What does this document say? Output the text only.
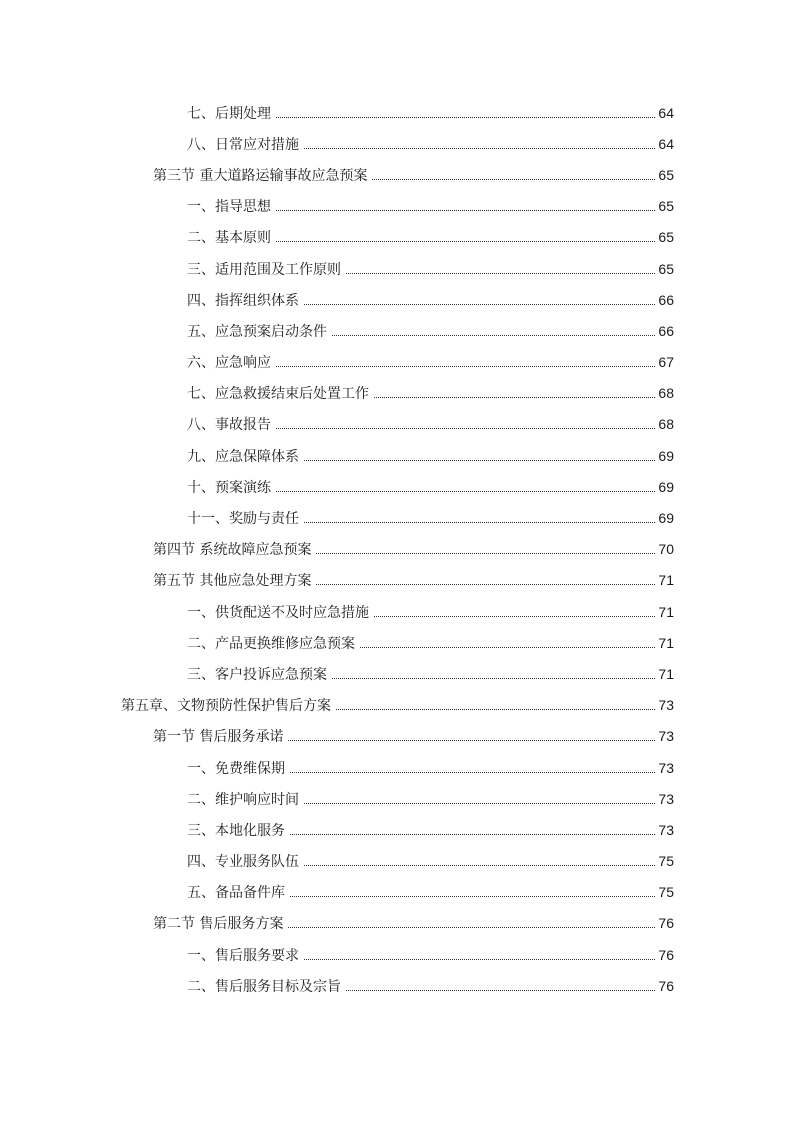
七、后期处理	64
八、日常应对措施	64
第三节 重大道路运输事故应急预案	65
一、指导思想	65
二、基本原则	65
三、适用范围及工作原则	65
四、指挥组织体系	66
五、应急预案启动条件	66
六、应急响应	67
七、应急救援结束后处置工作	68
八、事故报告	68
九、应急保障体系	69
十、预案演练	69
十一、奖励与责任	69
第四节 系统故障应急预案	70
第五节 其他应急处理方案	71
一、供货配送不及时应急措施	71
二、产品更换维修应急预案	71
三、客户投诉应急预案	71
第五章、文物预防性保护售后方案	73
第一节 售后服务承诺	73
一、免费维保期	73
二、维护响应时间	73
三、本地化服务	73
四、专业服务队伍	75
五、备品备件库	75
第二节 售后服务方案	76
一、售后服务要求	76
二、售后服务目标及宗旨	76
